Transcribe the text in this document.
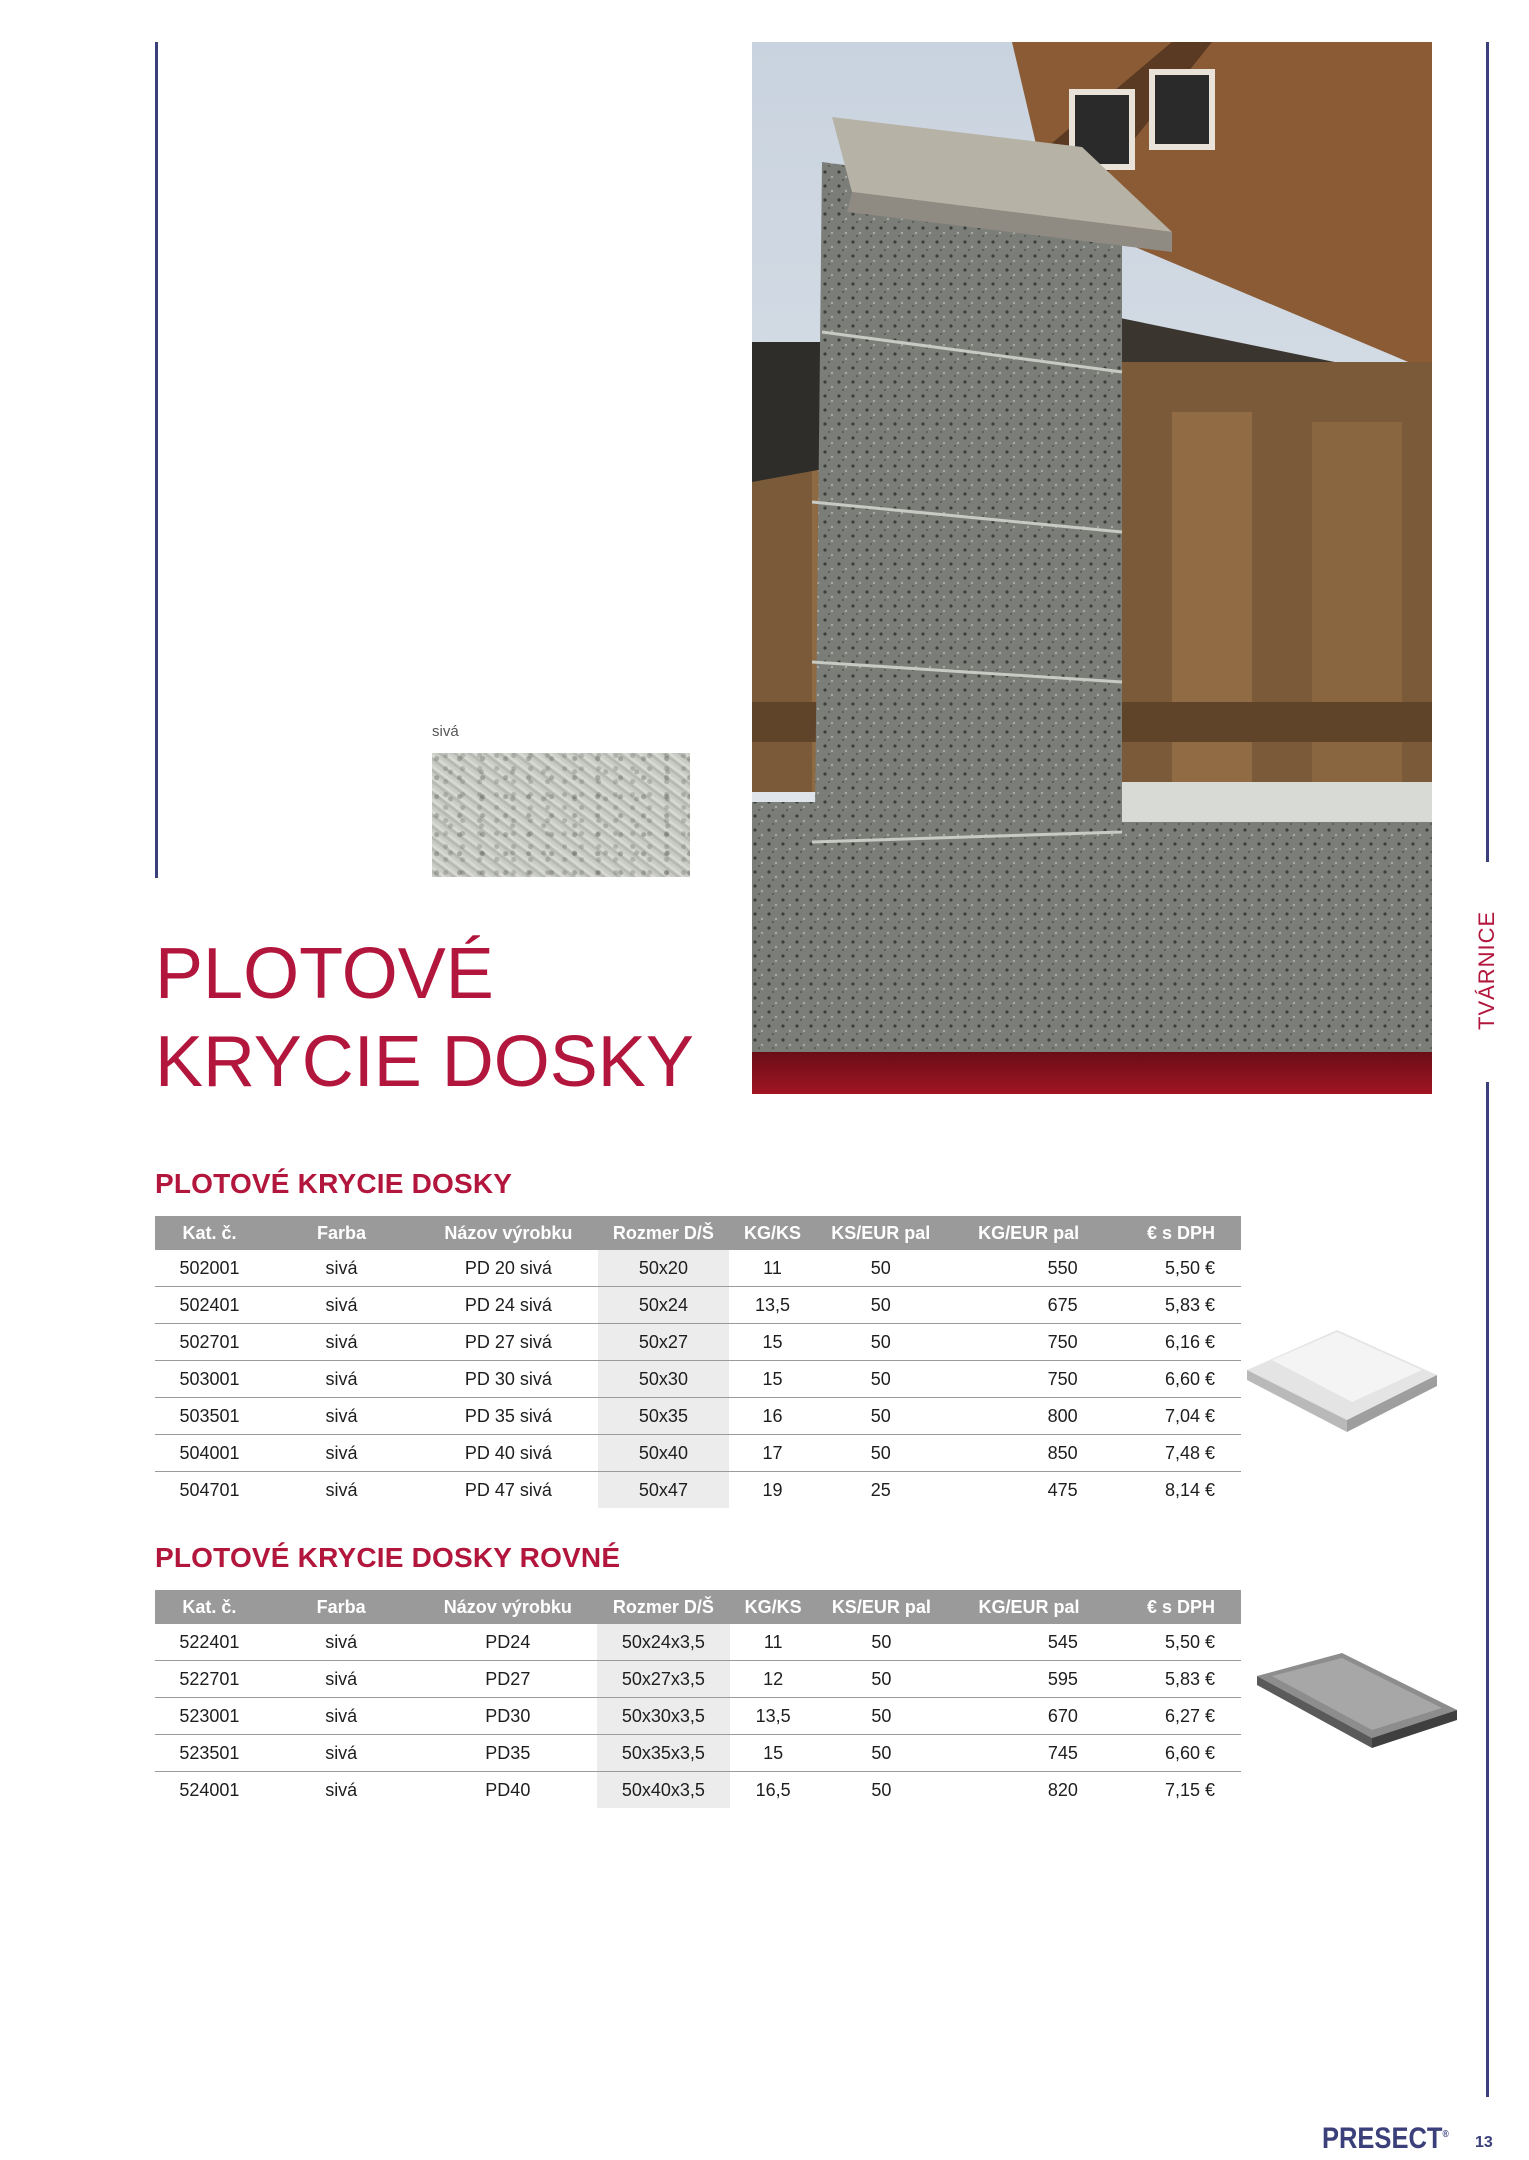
TVÁRNICE
sivá
PLOTOVÉ
KRYCIE DOSKY
PLOTOVÉ KRYCIE DOSKY
Kat. č.	Farba	Názov výrobku	Rozmer D/Š	KG/KS	KS/EUR pal	KG/EUR pal	€ s DPH
502001	sivá	PD 20 sivá	50x20	11	50	550	5,50 €
502401	sivá	PD 24 sivá	50x24	13,5	50	675	5,83 €
502701	sivá	PD 27 sivá	50x27	15	50	750	6,16 €
503001	sivá	PD 30 sivá	50x30	15	50	750	6,60 €
503501	sivá	PD 35 sivá	50x35	16	50	800	7,04 €
504001	sivá	PD 40 sivá	50x40	17	50	850	7,48 €
504701	sivá	PD 47 sivá	50x47	19	25	475	8,14 €
PLOTOVÉ KRYCIE DOSKY ROVNÉ
Kat. č.	Farba	Názov výrobku	Rozmer D/Š	KG/KS	KS/EUR pal	KG/EUR pal	€ s DPH
522401	sivá	PD24	50x24x3,5	11	50	545	5,50 €
522701	sivá	PD27	50x27x3,5	12	50	595	5,83 €
523001	sivá	PD30	50x30x3,5	13,5	50	670	6,27 €
523501	sivá	PD35	50x35x3,5	15	50	745	6,60 €
524001	sivá	PD40	50x40x3,5	16,5	50	820	7,15 €
PRESECT® 13
